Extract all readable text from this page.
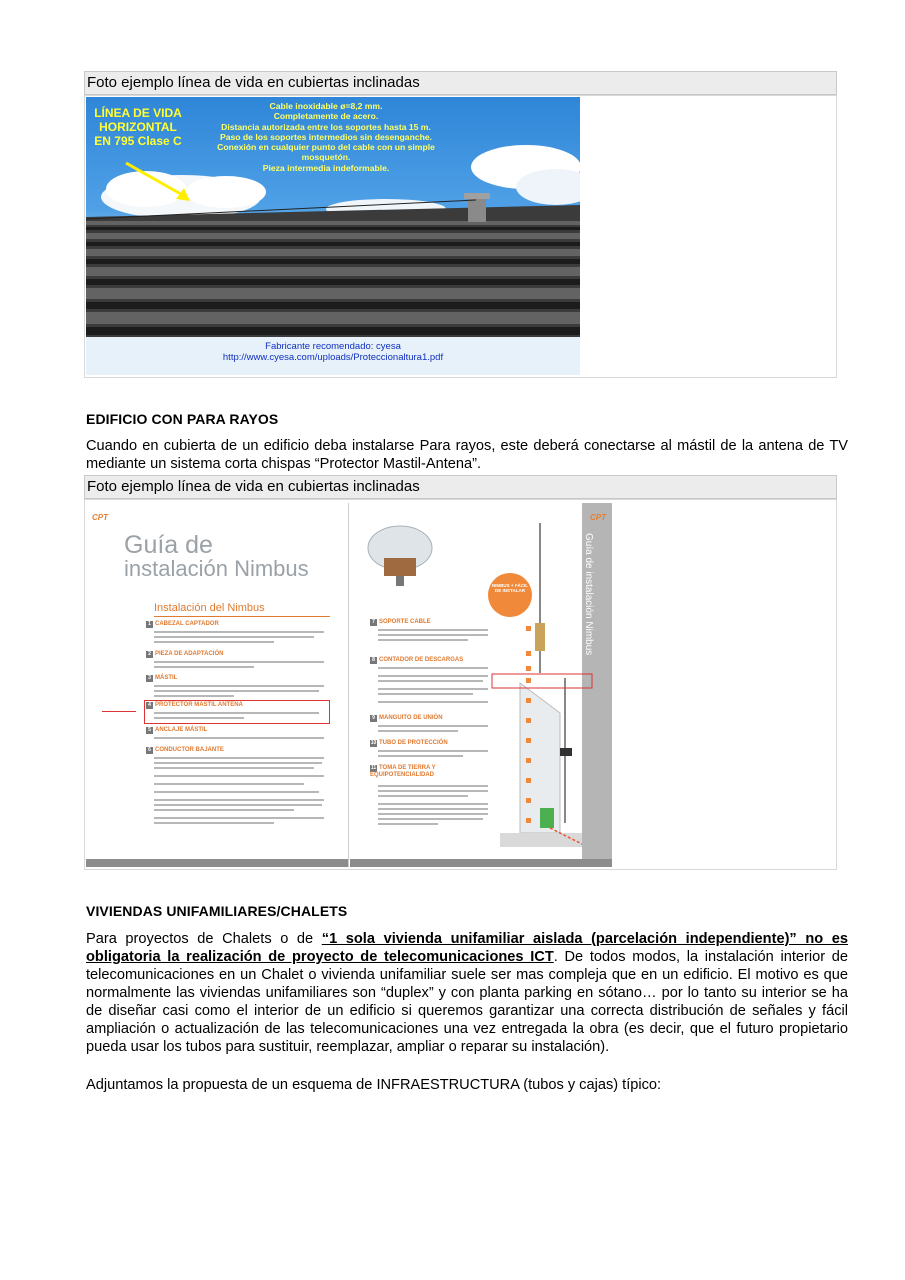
Foto ejemplo línea de vida en cubiertas inclinadas
LÍNEA DE VIDA
HORIZONTAL
EN 795 Clase C
Cable inoxidable ø=8,2 mm.
Completamente de acero.
Distancia autorizada entre los soportes hasta 15 m.
Paso de los soportes intermedios sin desenganche.
Conexión en cualquier punto del cable con un simple
mosquetón.
Pieza intermedia indeformable.
Fabricante recomendado: cyesa
http://www.cyesa.com/uploads/Proteccionaltura1.pdf
EDIFICIO CON PARA RAYOS
Cuando en cubierta de un edificio deba instalarse Para rayos, este deberá conectarse al mástil de la antena de TV mediante un sistema corta chispas “Protector Mastil-Antena”.
Foto ejemplo línea de vida en cubiertas inclinadas
CPT
Guía de
instalación Nimbus
Instalación del Nimbus
1 CABEZAL CAPTADOR
2 PIEZA DE ADAPTACIÓN
3 MÁSTIL
4 PROTECTOR MÁSTIL ANTENA
5 ANCLAJE MÁSTIL
6 CONDUCTOR BAJANTE
CPT
Guía de instalación Nimbus
NIMBUS + FÁCIL DE INSTALAR
7 SOPORTE CABLE
8 CONTADOR DE DESCARGAS
9 MANGUITO DE UNIÓN
10 TUBO DE PROTECCIÓN
11 TOMA DE TIERRA Y EQUIPOTENCIALIDAD
VIVIENDAS UNIFAMILIARES/CHALETS
Para proyectos de Chalets o de “1 sola vivienda unifamiliar aislada (parcelación independiente)” no es obligatoria la realización de proyecto de telecomunicaciones ICT. De todos modos, la instalación interior de telecomunicaciones en un Chalet o vivienda unifamiliar suele ser mas compleja que en un edificio. El motivo es que normalmente las viviendas unifamiliares son “duplex” y con planta parking en sótano… por lo tanto su interior se ha de diseñar casi como el interior de un edificio si queremos garantizar una correcta distribución de señales y fácil ampliación o actualización de las telecomunicaciones una vez entregada la obra (es decir, que el futuro propietario pueda usar los tubos para sustituir, reemplazar, ampliar o reparar su instalación).
Adjuntamos la propuesta de un esquema de INFRAESTRUCTURA (tubos y cajas) típico:
